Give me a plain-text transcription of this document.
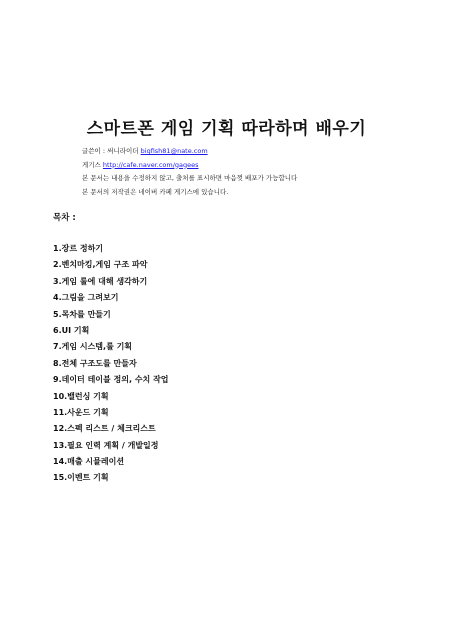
스마트폰 게임 기획 따라하며 배우기
글쓴이 : 써니라이더 bigfish81@nate.com
게기스 http://cafe.naver.com/gagees
본 문서는 내용을 수정하지 않고, 출처를 표시하면 마음껏 배포가 가능합니다
본 문서의 저작권은 네이버 카페 게기스에 있습니다.
목차 :
1.장르 정하기
2.벤치마킹,게임 구조 파악
3.게임 룰에 대해 생각하기
4.그림을 그려보기
5.목차를 만들기
6.UI 기획
7.게임 시스템,룰 기획
8.전체 구조도를 만들자
9.데이터 테이블 정의, 수치 작업
10.밸런싱 기획
11.사운드 기획
12.스펙 리스트 / 체크리스트
13.필요 인력 계획 / 개발일정
14.매출 시뮬레이션
15.이벤트 기획
